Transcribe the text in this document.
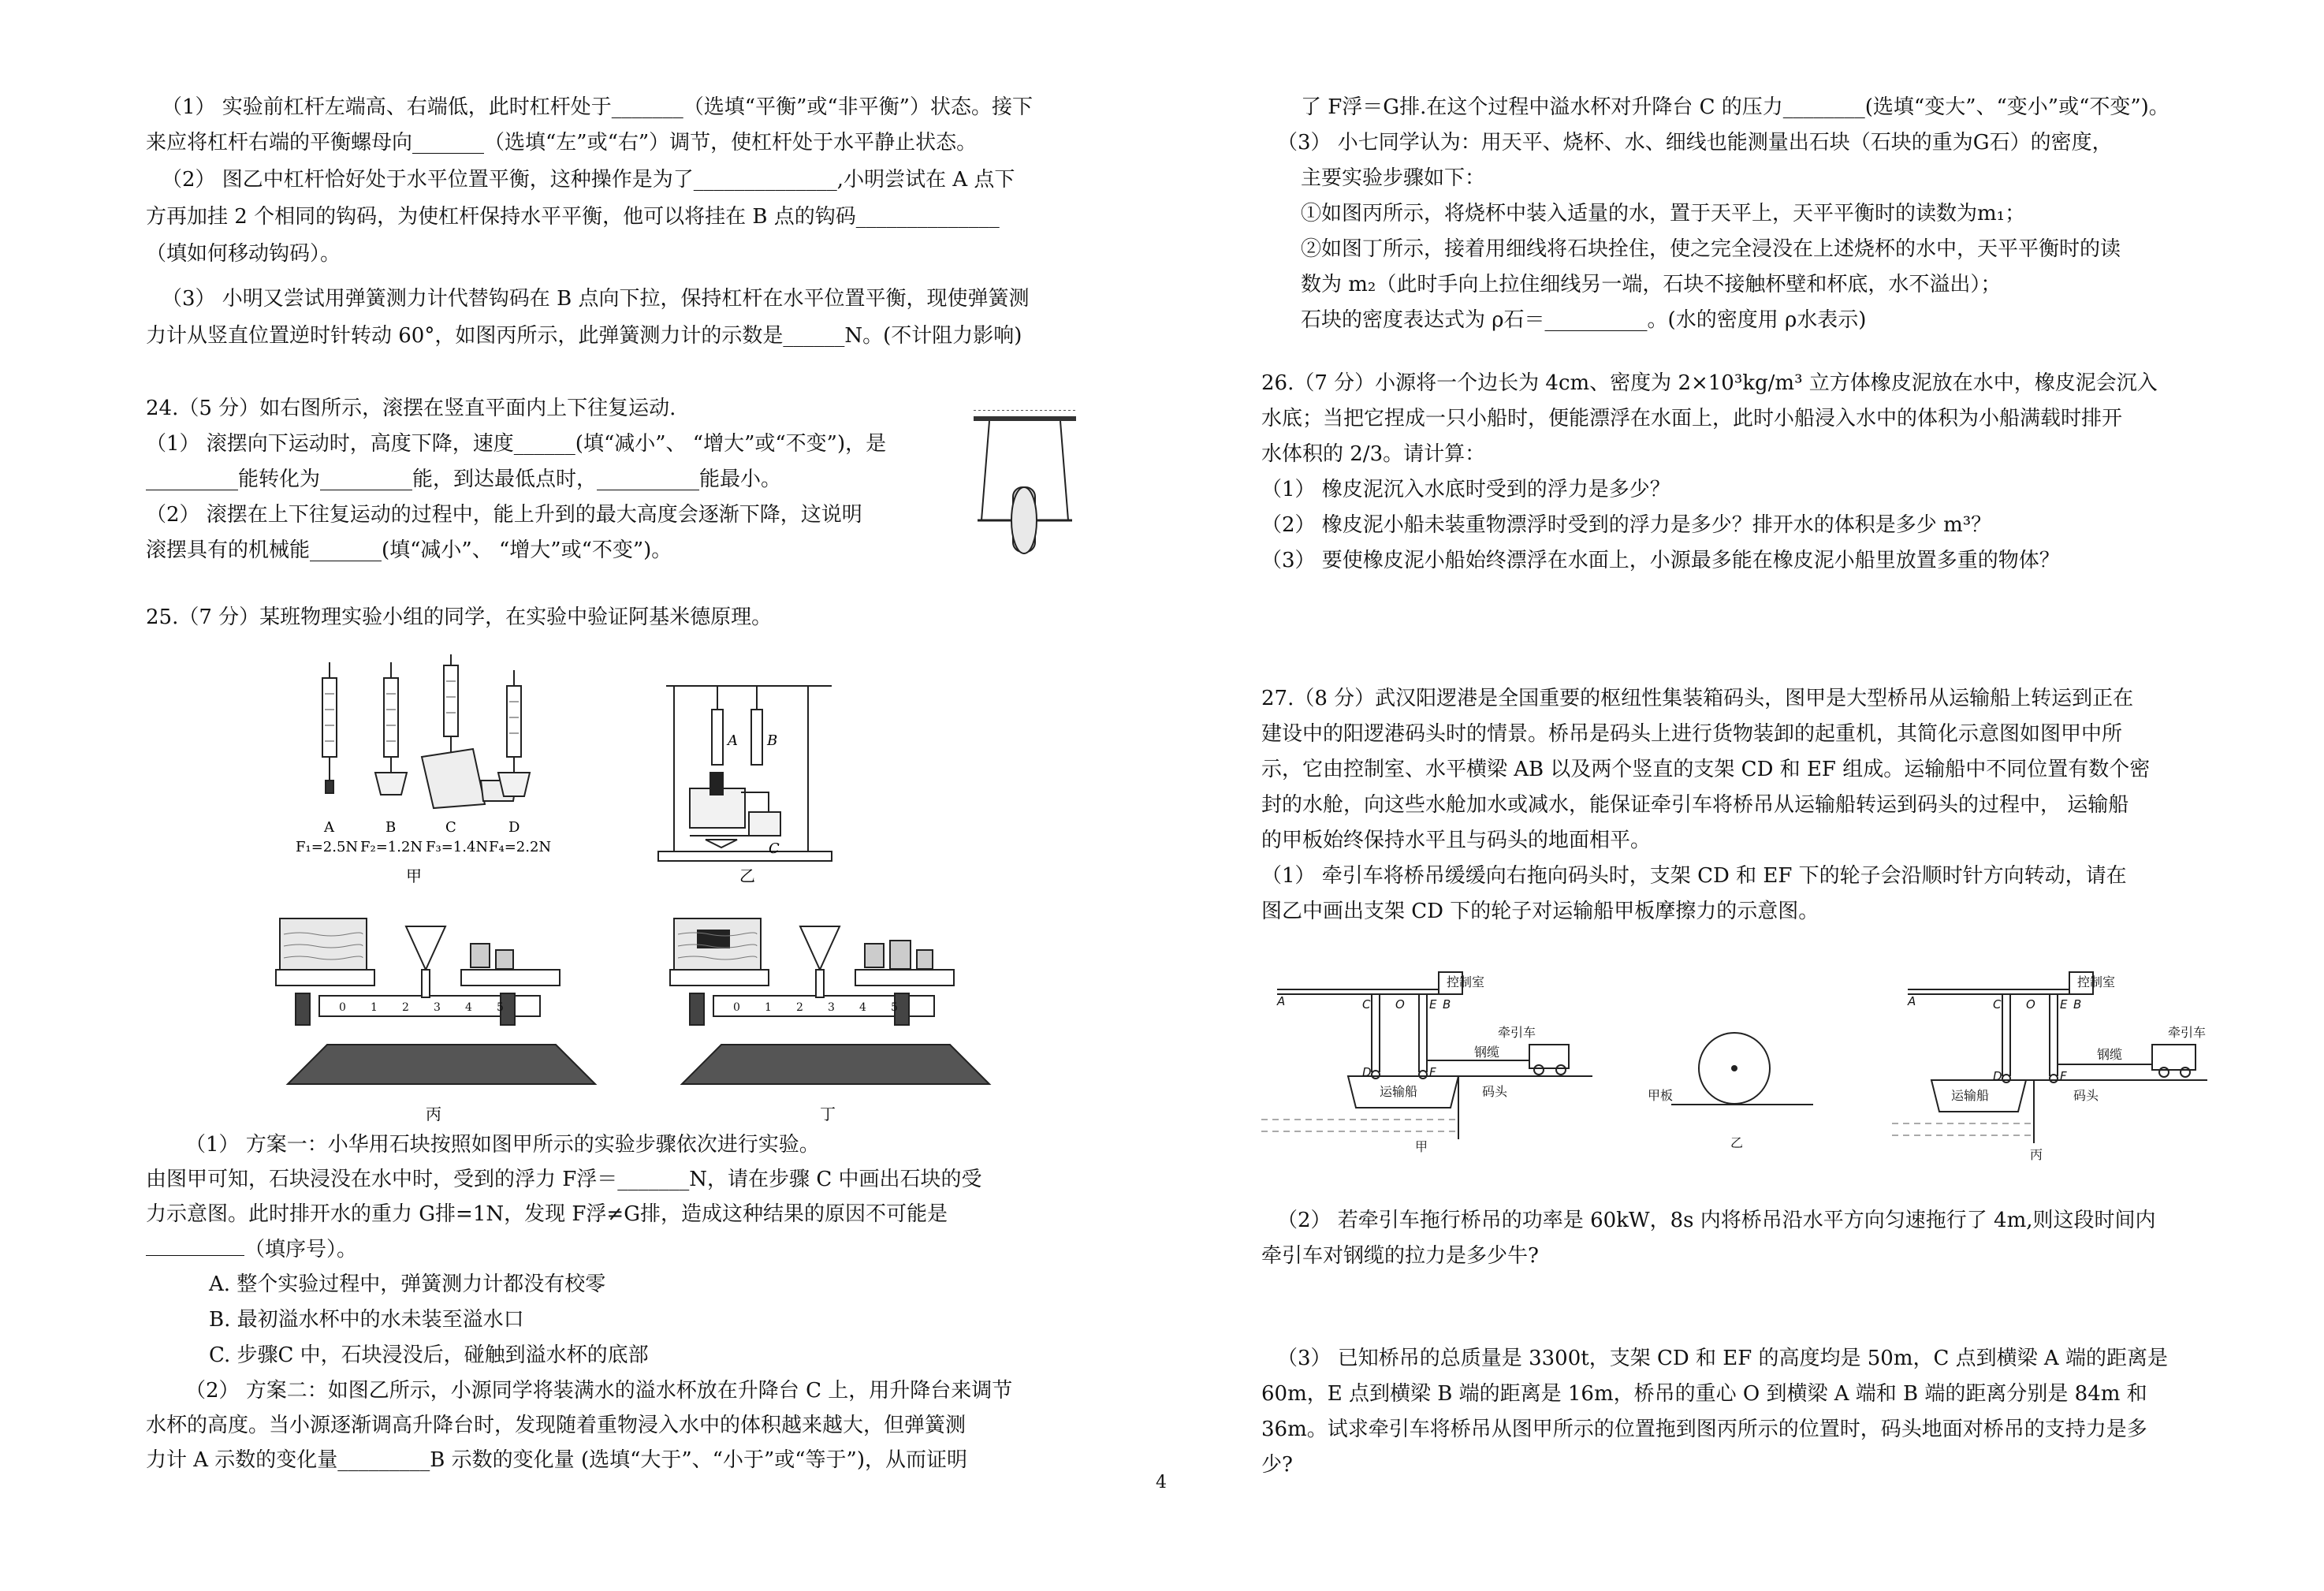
（1） 实验前杠杆左端高、右端低，此时杠杆处于_______（选填“平衡”或“非平衡”）状态。接下
来应将杠杆右端的平衡螺母向_______（选填“左”或“右”）调节，使杠杆处于水平静止状态。
（2） 图乙中杠杆恰好处于水平位置平衡，这种操作是为了______________,小明尝试在 A 点下
方再加挂 2 个相同的钩码，为使杠杆保持水平平衡，他可以将挂在 B 点的钩码______________
（填如何移动钩码）。
（3） 小明又尝试用弹簧测力计代替钩码在 B 点向下拉，保持杠杆在水平位置平衡，现使弹簧测
力计从竖直位置逆时针转动 60°，如图丙所示，此弹簧测力计的示数是______N。(不计阻力影响)
24.（5 分）如右图所示，滚摆在竖直平面内上下往复运动.
（1） 滚摆向下运动时，高度下降，速度______(填“减小”、 “增大”或“不变”)，是
_________能转化为_________能，到达最低点时，__________能最小。
（2） 滚摆在上下往复运动的过程中，能上升到的最大高度会逐渐下降，这说明
滚摆具有的机械能_______(填“减小”、 “增大”或“不变”)。
25.（7 分）某班物理实验小组的同学，在实验中验证阿基米德原理。
A	B	C	D
F₁=2.5N F₂=1.2N F₃=1.4N F₄=2.2N
甲
A B
C
乙
0 1 2 3 4 5	0 1 2 3 4 5
丙	丁
（1） 方案一：小华用石块按照如图甲所示的实验步骤依次进行实验。
由图甲可知，石块浸没在水中时，受到的浮力 F浮＝_______N，请在步骤 C 中画出石块的受
力示意图。此时排开水的重力 G排=1N，发现 F浮≠G排，造成这种结果的原因不可能是
（填序号）。
A. 整个实验过程中，弹簧测力计都没有校零
B. 最初溢水杯中的水未装至溢水口
C. 步骤C 中，石块浸没后，碰触到溢水杯的底部
（2） 方案二：如图乙所示，小源同学将装满水的溢水杯放在升降台 C 上，用升降台来调节
水杯的高度。当小源逐渐调高升降台时，发现随着重物浸入水中的体积越来越大，但弹簧测
力计 A 示数的变化量_________B 示数的变化量 (选填“大于”、“小于”或“等于”)，从而证明
4
了 F浮＝G排.在这个过程中溢水杯对升降台 C 的压力________(选填“变大”、“变小”或“不变”)。
（3） 小七同学认为：用天平、烧杯、水、细线也能测量出石块（石块的重为G石）的密度，
主要实验步骤如下：
①如图丙所示，将烧杯中装入适量的水，置于天平上，天平平衡时的读数为m₁；
②如图丁所示，接着用细线将石块拴住，使之完全浸没在上述烧杯的水中，天平平衡时的读
数为 m₂（此时手向上拉住细线另一端，石块不接触杯壁和杯底，水不溢出）；
石块的密度表达式为 ρ石＝__________。(水的密度用 ρ水表示)
26.（7 分）小源将一个边长为 4cm、密度为 2×10³kg/m³ 立方体橡皮泥放在水中，橡皮泥会沉入
水底；当把它捏成一只小船时，便能漂浮在水面上，此时小船浸入水中的体积为小船满载时排开
水体积的 2/3。请计算：
（1） 橡皮泥沉入水底时受到的浮力是多少？
（2） 橡皮泥小船未装重物漂浮时受到的浮力是多少？排开水的体积是多少 m³？
（3） 要使橡皮泥小船始终漂浮在水面上，小源最多能在橡皮泥小船里放置多重的物体？
27.（8 分）武汉阳逻港是全国重要的枢纽性集装箱码头，图甲是大型桥吊从运输船上转运到正在
建设中的阳逻港码头时的情景。桥吊是码头上进行货物装卸的起重机，其简化示意图如图甲中所
示，它由控制室、水平横梁 AB 以及两个竖直的支架 CD 和 EF 组成。运输船中不同位置有数个密
封的水舱，向这些水舱加水或减水，能保证牵引车将桥吊从运输船转运到码头的过程中， 运输船
的甲板始终保持水平且与码头的地面相平。
（1） 牵引车将桥吊缓缓向右拖向码头时，支架 CD 和 EF 下的轮子会沿顺时针方向转动，请在
图乙中画出支架 CD 下的轮子对运输船甲板摩擦力的示意图。
控制室
牵引车
钢缆
运输船	码头
甲
甲板
乙
控制室
牵引车
钢缆
运输船	码头
丙
A	C O E B
D	F
A	C O E B
D	F
（2） 若牵引车拖行桥吊的功率是 60kW，8s 内将桥吊沿水平方向匀速拖行了 4m,则这段时间内
牵引车对钢缆的拉力是多少牛?
（3） 已知桥吊的总质量是 3300t，支架 CD 和 EF 的高度均是 50m，C 点到横梁 A 端的距离是
60m，E 点到横梁 B 端的距离是 16m，桥吊的重心 O 到横梁 A 端和 B 端的距离分别是 84m 和
36m。试求牵引车将桥吊从图甲所示的位置拖到图丙所示的位置时，码头地面对桥吊的支持力是多
少?
